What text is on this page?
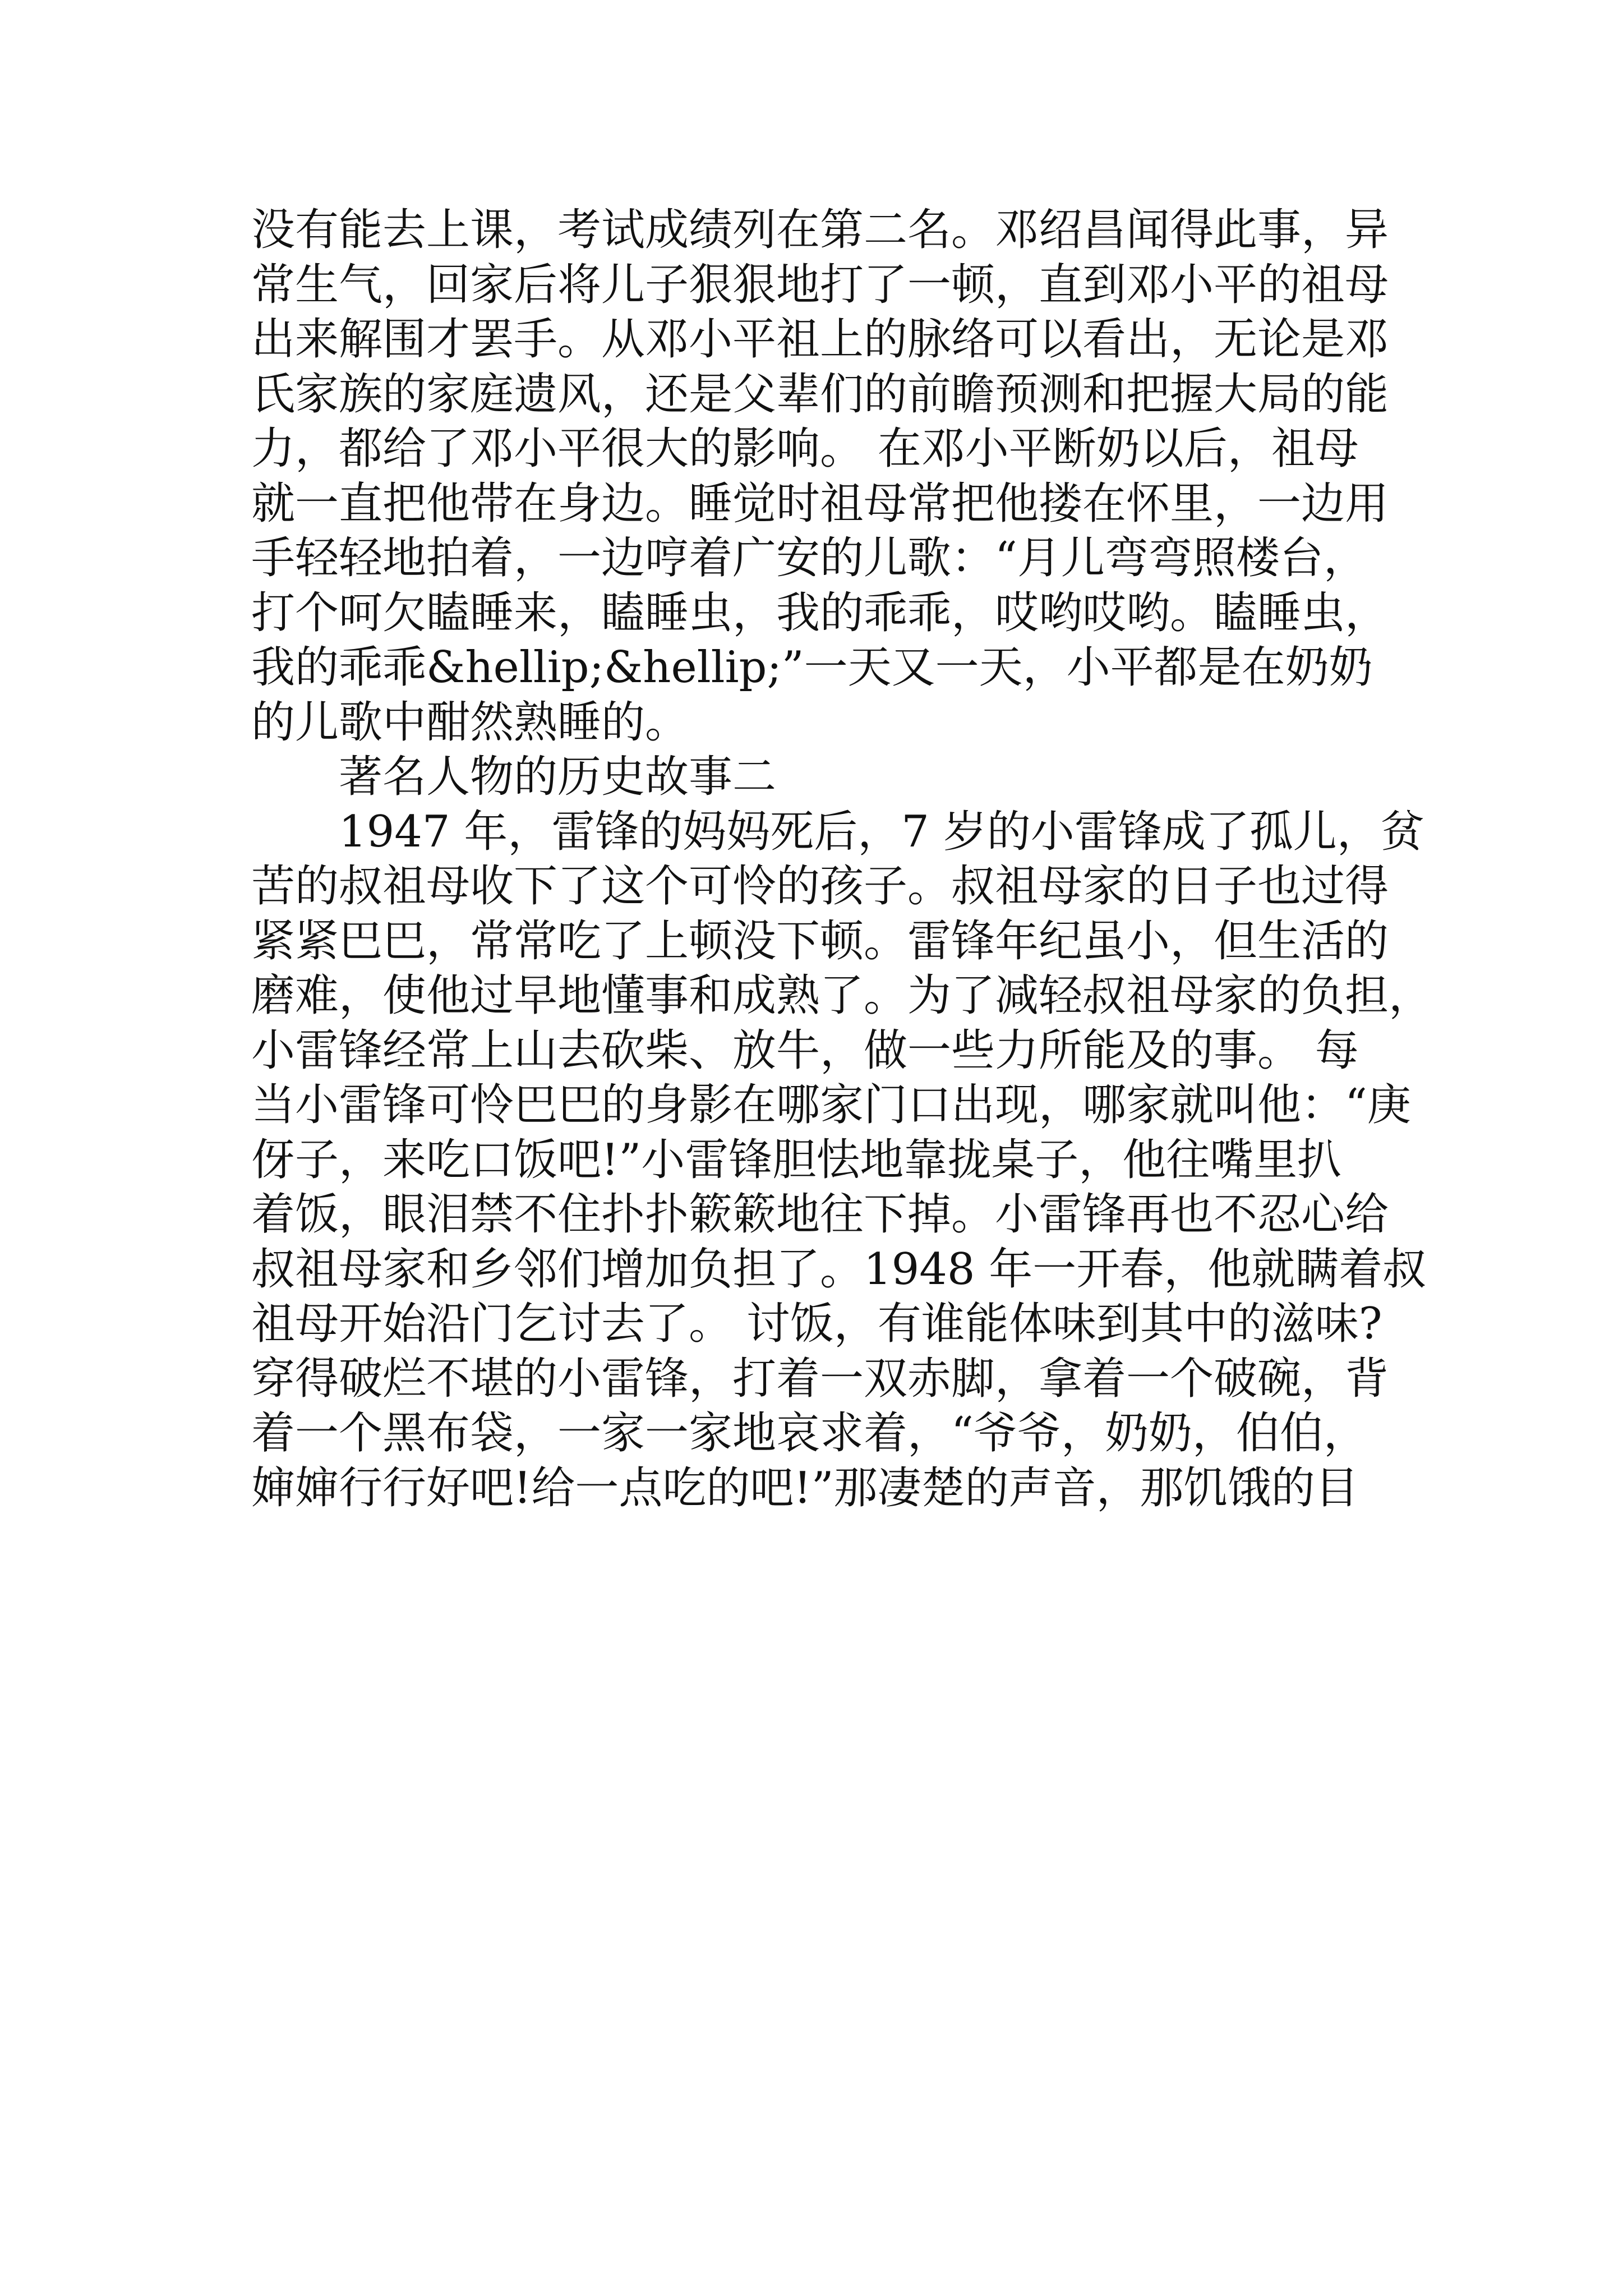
没有能去上课，考试成绩列在第二名。邓绍昌闻得此事，异
常生气，回家后将儿子狠狠地打了一顿，直到邓小平的祖母
出来解围才罢手。从邓小平祖上的脉络可以看出，无论是邓
氏家族的家庭遗风，还是父辈们的前瞻预测和把握大局的能
力，都给了邓小平很大的影响。 在邓小平断奶以后，祖母
就一直把他带在身边。睡觉时祖母常把他搂在怀里，一边用
手轻轻地拍着，一边哼着广安的儿歌：“月儿弯弯照楼台，
打个呵欠瞌睡来，瞌睡虫，我的乖乖，哎哟哎哟。瞌睡虫，
我的乖乖&hellip;&hellip;”一天又一天，小平都是在奶奶
的儿歌中酣然熟睡的。
著名人物的历史故事二
1947 年，雷锋的妈妈死后，7 岁的小雷锋成了孤儿，贫
苦的叔祖母收下了这个可怜的孩子。叔祖母家的日子也过得
紧紧巴巴，常常吃了上顿没下顿。雷锋年纪虽小，但生活的
磨难，使他过早地懂事和成熟了。为了减轻叔祖母家的负担，
小雷锋经常上山去砍柴、放牛，做一些力所能及的事。 每
当小雷锋可怜巴巴的身影在哪家门口出现，哪家就叫他：“庚
伢子，来吃口饭吧!”小雷锋胆怯地靠拢桌子，他往嘴里扒
着饭，眼泪禁不住扑扑簌簌地往下掉。小雷锋再也不忍心给
叔祖母家和乡邻们增加负担了。1948 年一开春，他就瞒着叔
祖母开始沿门乞讨去了。 讨饭，有谁能体味到其中的滋味?
穿得破烂不堪的小雷锋，打着一双赤脚，拿着一个破碗，背
着一个黑布袋，一家一家地哀求着，“爷爷，奶奶，伯伯，
婶婶行行好吧!给一点吃的吧!”那凄楚的声音，那饥饿的目
